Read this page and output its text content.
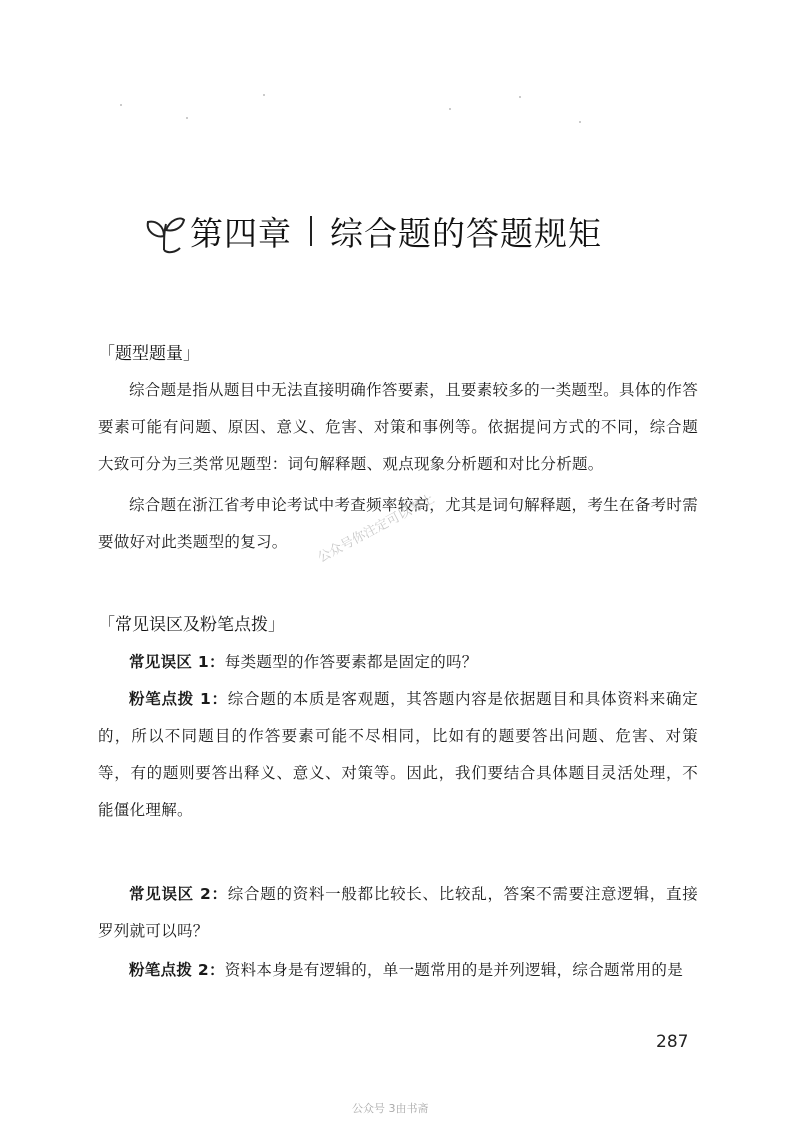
第四章 综合题的答题规矩
「题型题量」
综合题是指从题目中无法直接明确作答要素，且要素较多的一类题型。具体的作答要素可能有问题、原因、意义、危害、对策和事例等。依据提问方式的不同，综合题大致可分为三类常见题型：词句解释题、观点现象分析题和对比分析题。
综合题在浙江省考申论考试中考查频率较高，尤其是词句解释题，考生在备考时需要做好对此类题型的复习。	公众号你注定可以考上
「常见误区及粉笔点拨」
常见误区 1：每类题型的作答要素都是固定的吗？
粉笔点拨 1：综合题的本质是客观题，其答题内容是依据题目和具体资料来确定的，所以不同题目的作答要素可能不尽相同，比如有的题要答出问题、危害、对策等，有的题则要答出释义、意义、对策等。因此，我们要结合具体题目灵活处理，不能僵化理解。
常见误区 2：综合题的资料一般都比较长、比较乱，答案不需要注意逻辑，直接罗列就可以吗？
粉笔点拨 2：资料本身是有逻辑的，单一题常用的是并列逻辑，综合题常用的是
287
公众号 3由书斋
